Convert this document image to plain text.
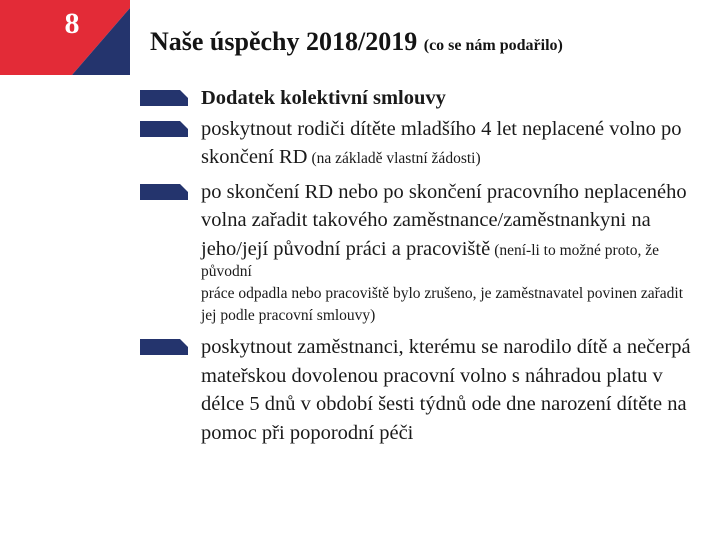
8
Naše úspěchy 2018/2019 (co se nám podařilo)
Dodatek kolektivní smlouvy
poskytnout rodiči dítěte mladšího 4 let neplacené volno po skončení RD (na základě vlastní žádosti)
po skončení RD nebo po skončení pracovního neplaceného volna zařadit takového zaměstnance/zaměstnankyni na jeho/její původní práci a pracoviště (není-li to možné proto, že původní
práce odpadla nebo pracoviště bylo zrušeno, je zaměstnavatel povinen zařadit jej podle pracovní smlouvy)
poskytnout zaměstnanci, kterému se narodilo dítě a nečerpá mateřskou dovolenou pracovní volno s náhradou platu v délce 5 dnů v období šesti týdnů ode dne narození dítěte na pomoc při poporodní péči
